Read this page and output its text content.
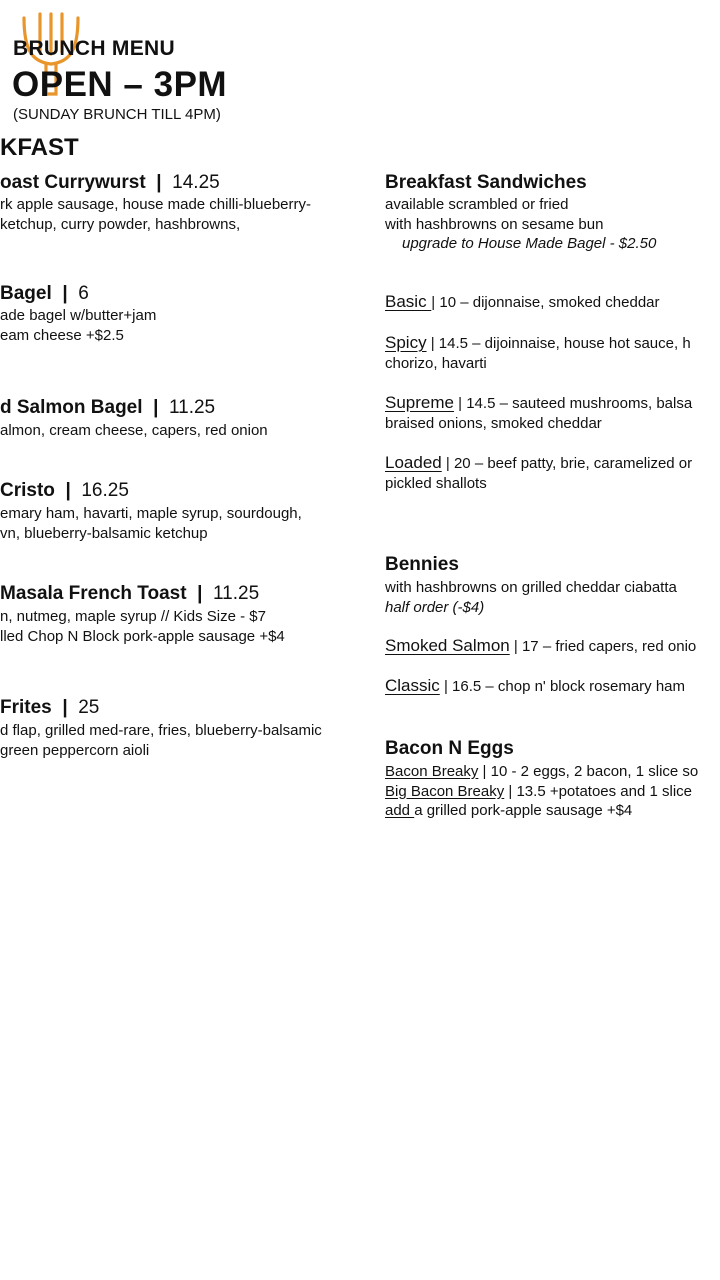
BRUNCH MENU
OPEN – 3PM
(SUNDAY BRUNCH TILL 4PM)
KFAST
oast Currywurst | 14.25
rk apple sausage, house made chilli-blueberry-
ketchup, curry powder, hashbrowns,
Bagel | 6
ade bagel w/butter+jam
eam cheese +$2.5
d Salmon Bagel | 11.25
almon, cream cheese, capers, red onion
Cristo | 16.25
emary ham, havarti, maple syrup, sourdough,
vn, blueberry-balsamic ketchup
Masala French Toast | 11.25
n, nutmeg, maple syrup // Kids Size - $7
lled Chop N Block pork-apple sausage +$4
Frites | 25
d flap, grilled med-rare, fries, blueberry-balsamic
green peppercorn aioli
Breakfast Sandwiches
available scrambled or fried
with hashbrowns on sesame bun
upgrade to House Made Bagel - $2.50
Basic | 10 – dijonnaise, smoked cheddar
Spicy | 14.5 – dijoinnaise, house hot sauce, h
chorizo, havarti
Supreme | 14.5 – sauteed mushrooms, balsa
braised onions, smoked cheddar
Loaded | 20 – beef patty, brie, caramelized or
pickled shallots
Bennies
with hashbrowns on grilled cheddar ciabatta
half order (-$4)
Smoked Salmon | 17 – fried capers, red onio
Classic | 16.5 – chop n' block rosemary ham
Bacon N Eggs
Bacon Breaky | 10 - 2 eggs, 2 bacon, 1 slice so
Big Bacon Breaky | 13.5 +potatoes and 1 slice
add a grilled pork-apple sausage +$4
